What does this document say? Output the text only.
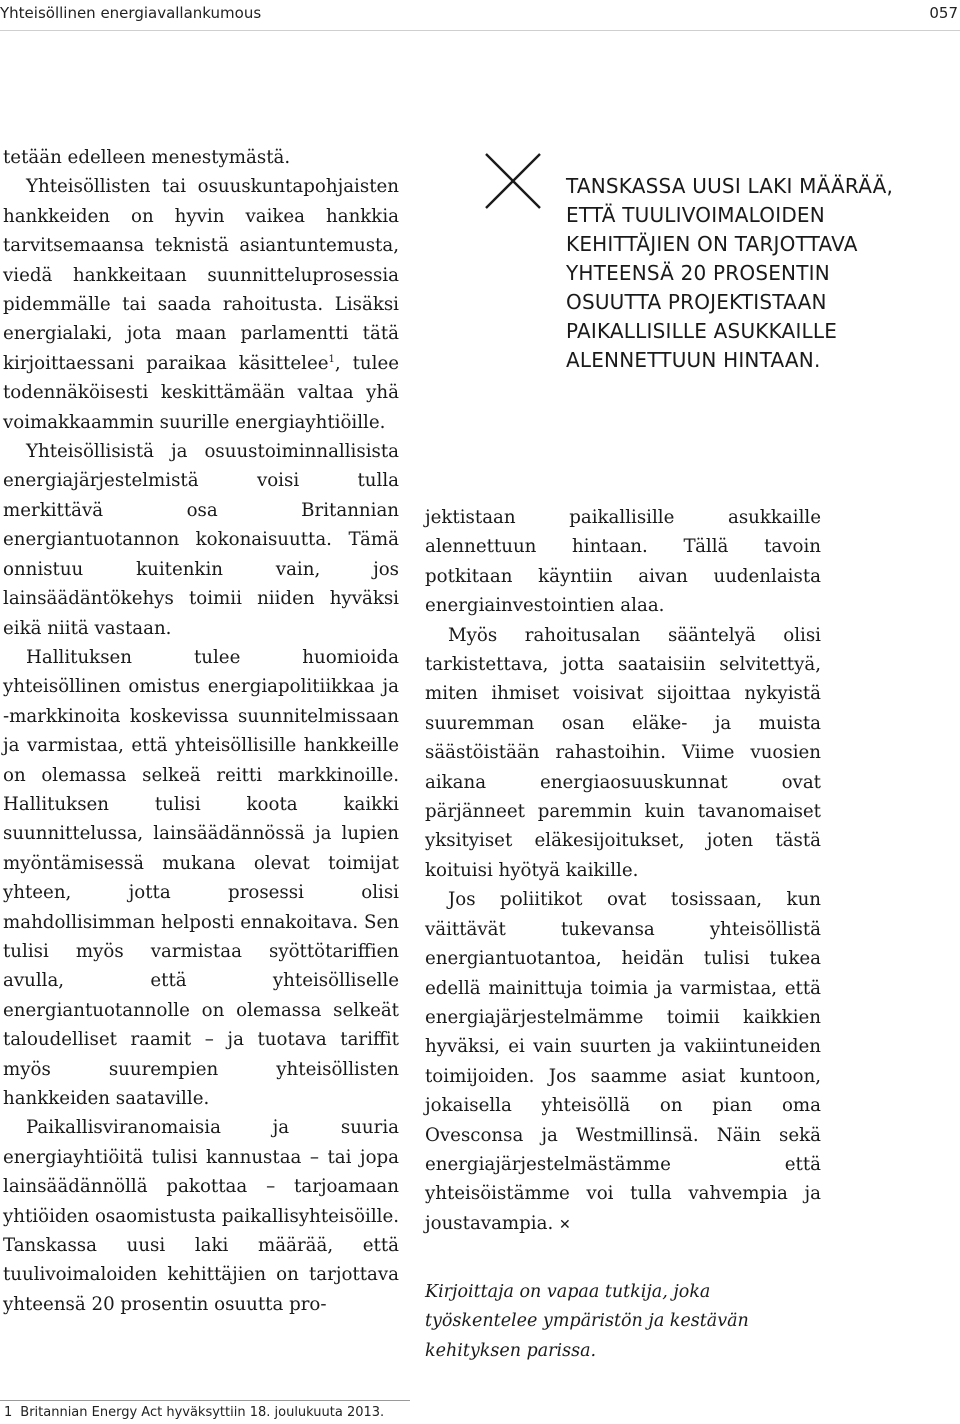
Yhteisöllinen energiavallankumous	057

tetään edelleen menestymästä.

Yhteisöllisten tai osuuskuntapohjaisten hankkeiden on hyvin vaikea hankkia tarvitsemaansa teknistä asiantuntemusta, viedä hankkeitaan suunnitteluprosessia pidemmälle tai saada rahoitusta. Lisäksi energialaki, jota maan parlamentti tätä kirjoittaessani paraikaa käsittelee$^1$, tulee todennäköisesti keskittämään valtaa yhä voimakkaammin suurille energiayhtiöille.

Yhteisöllisistä ja osuustoiminnallisista energiajärjestelmistä voisi tulla merkittävä osa Britannian energiantuotannon kokonaisuutta. Tämä onnistuu kuitenkin vain, jos lainsäädäntökehys toimii niiden hyväksi eikä niitä vastaan.

Hallituksen tulee huomioida yhteisöllinen omistus energiapolitiikkaa ja -markkinoita koskevissa suunnitelmissaan ja varmistaa, että yhteisöllisille hankkeille on olemassa selkeä reitti markkinoille. Hallituksen tulisi koota kaikki suunnittelussa, lainsäädännössä ja lupien myöntämisessä mukana olevat toimijat yhteen, jotta prosessi olisi mahdollisimman helposti ennakoitava. Sen tulisi myös varmistaa syöttötariffien avulla, että yhteisölliselle energiantuotannolle on olemassa selkeät taloudelliset raamit – ja tuotava tariffit myös suurempien yhteisöllisten hankkeiden saataville.

Paikallisviranomaisia ja suuria energiayhtiöitä tulisi kannustaa – tai jopa lainsäädännöllä pakottaa – tarjoamaan yhtiöiden osaomistusta paikallisyhteisöille. Tanskassa uusi laki määrää, että tuulivoimaloiden kehittäjien on tarjottava yhteensä 20 prosentin osuutta pro-

TANSKASSA UUSI LAKI MÄÄRÄÄ,
ETTÄ TUULIVOIMALOIDEN
KEHITTÄJIEN ON TARJOTTAVA
YHTEENSÄ 20 PROSENTIN
OSUUTTA PROJEKTISTAAN
PAIKALLISILLE ASUKKAILLE
ALENNETTUUN HINTAAN.

jektistaan paikallisille asukkaille alennettuun hintaan. Tällä tavoin potkitaan käyntiin aivan uudenlaista energiainvestointien alaa.

Myös rahoitusalan sääntelyä olisi tarkistettava, jotta saataisiin selvitettyä, miten ihmiset voisivat sijoittaa nykyistä suuremman osan eläke- ja muista säästöistään rahastoihin. Viime vuosien aikana energiaosuuskunnat ovat pärjänneet paremmin kuin tavanomaiset yksityiset eläkesijoitukset, joten tästä koituisi hyötyä kaikille.

Jos poliitikot ovat tosissaan, kun väittävät tukevansa yhteisöllistä energiantuotantoa, heidän tulisi tukea edellä mainittuja toimia ja varmistaa, että energiajärjestelmämme toimii kaikkien hyväksi, ei vain suurten ja vakiintuneiden toimijoiden. Jos saamme asiat kuntoon, jokaisella yhteisöllä on pian oma Ovesconsa ja Westmillinsä. Näin sekä energiajärjestelmästämme että yhteisöistämme voi tulla vahvempia ja joustavampia. ✕

Kirjoittaja on vapaa tutkija, joka
työskentelee ympäristön ja kestävän
kehityksen parissa.
1 Britannian Energy Act hyväksyttiin 18. joulukuuta 2013.
